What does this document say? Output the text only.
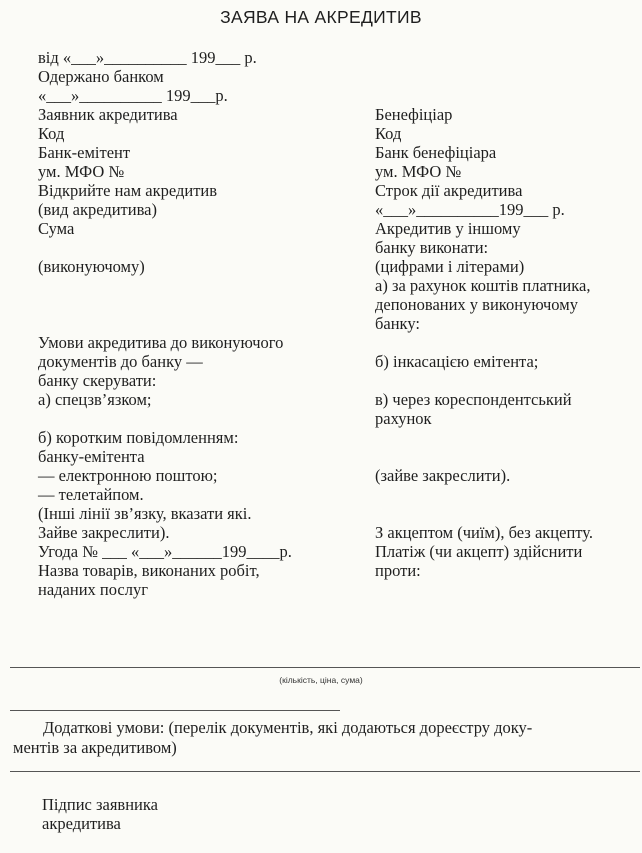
ЗАЯВА НА АКРЕДИТИВ
від «___»__________ 199___ р.
Одержано банком
«___»__________ 199___р.
Заявник акредитива
Код
Банк-емітент
ум. МФО №
Відкрийте нам акредитив
(вид акредитива)
Сума
(виконуючому)
Умови акредитива до виконуючого
документів до банку —
банку скерувати:
а) спецзв’язком;
б) коротким повідомленням:
банку-емітента
— електронною поштою;
— телетайпом.
(Інші лінії зв’язку, вказати які.
Зайве закреслити).
Угода № ___ «___»______199____р.
Назва товарів, виконаних робіт,
наданих послуг
Бенефіціар
Код
Банк бенефіціара
ум. МФО №
Строк дії акредитива
«___»__________199___ р.
Акредитив у іншому
банку виконати:
(цифрами і літерами)
а) за рахунок коштів платника,
депонованих у виконуючому
банку:
б) інкасацією емітента;
в) через кореспондентський
рахунок
(зайве закреслити).
З акцептом (чиїм), без акцепту.
Платіж (чи акцепт) здійснити
проти:
(кількість, ціна, сума)
Додаткові умови: (перелік документів, які додаються дореєстру доку-
ментів за акредитивом)
Підпис заявника
акредитива
